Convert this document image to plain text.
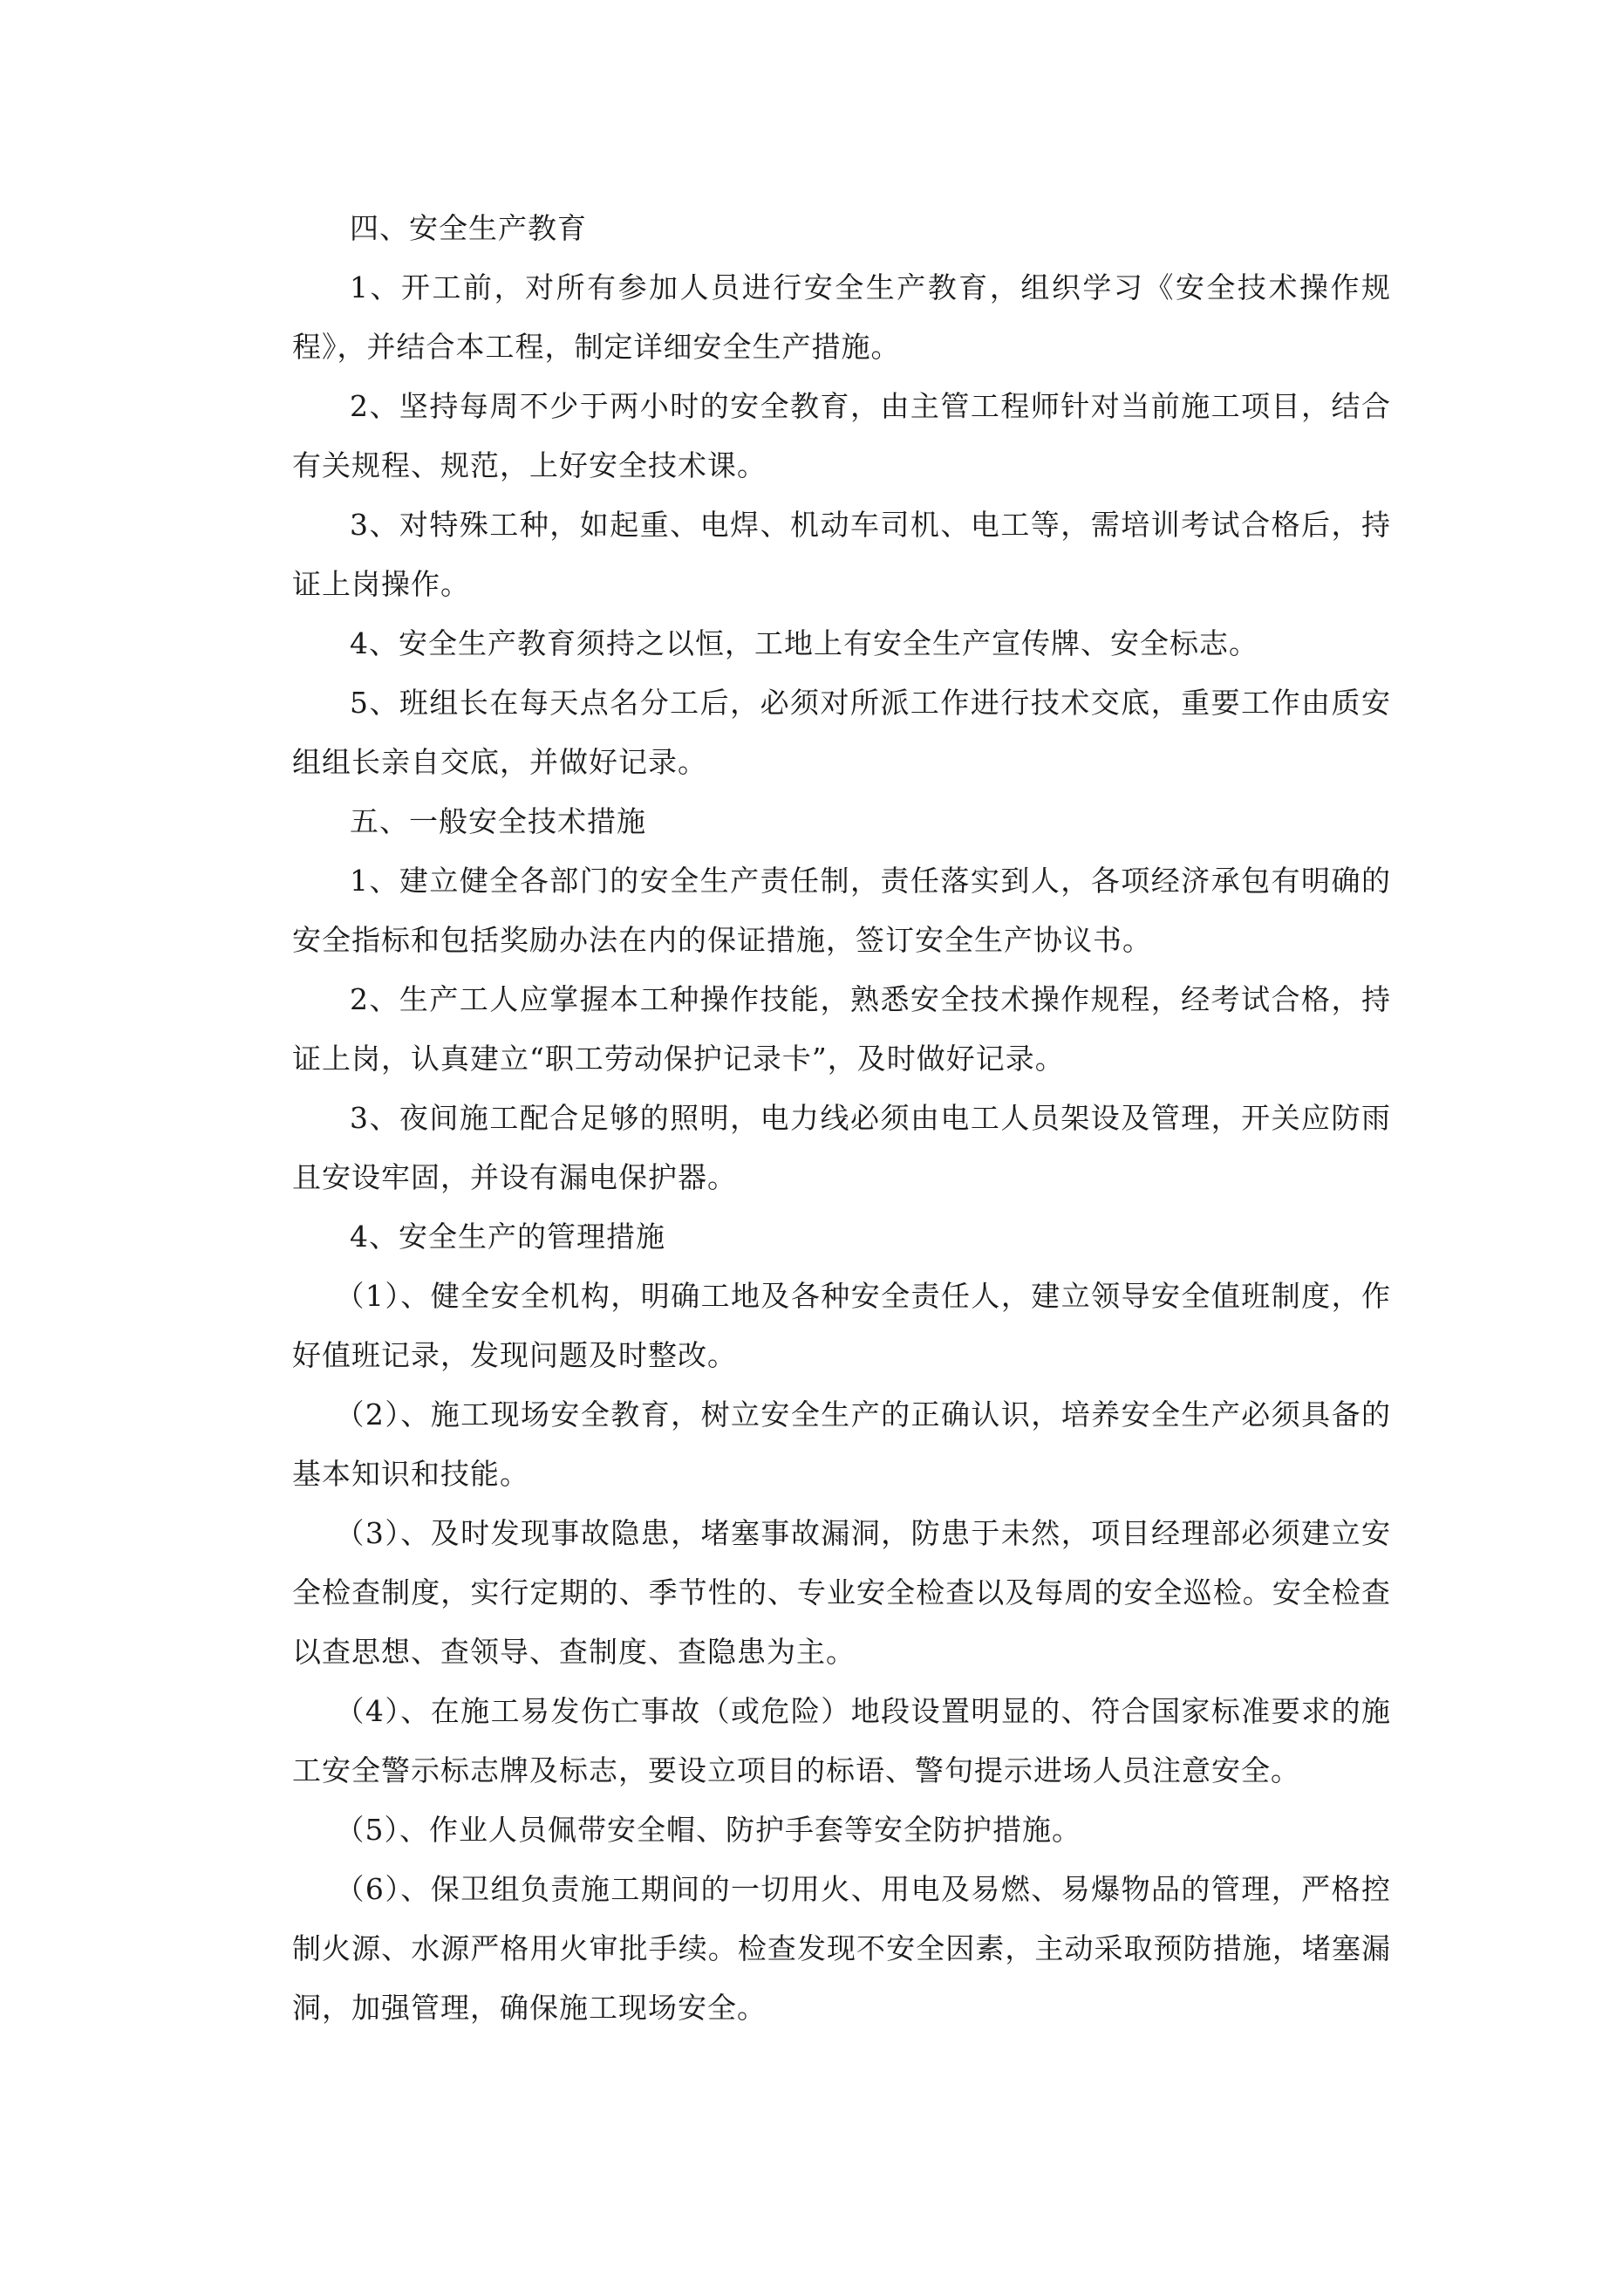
四、安全生产教育

1、开工前，对所有参加人员进行安全生产教育，组织学习《安全技术操作规程》，并结合本工程，制定详细安全生产措施。

2、坚持每周不少于两小时的安全教育，由主管工程师针对当前施工项目，结合有关规程、规范，上好安全技术课。

3、对特殊工种，如起重、电焊、机动车司机、电工等，需培训考试合格后，持证上岗操作。

4、安全生产教育须持之以恒，工地上有安全生产宣传牌、安全标志。

5、班组长在每天点名分工后，必须对所派工作进行技术交底，重要工作由质安组组长亲自交底，并做好记录。

五、一般安全技术措施

1、建立健全各部门的安全生产责任制，责任落实到人，各项经济承包有明确的安全指标和包括奖励办法在内的保证措施，签订安全生产协议书。

2、生产工人应掌握本工种操作技能，熟悉安全技术操作规程，经考试合格，持证上岗，认真建立“职工劳动保护记录卡”，及时做好记录。

3、夜间施工配合足够的照明，电力线必须由电工人员架设及管理，开关应防雨且安设牢固，并设有漏电保护器。

4、安全生产的管理措施

（1）、健全安全机构，明确工地及各种安全责任人，建立领导安全值班制度，作好值班记录，发现问题及时整改。

（2）、施工现场安全教育，树立安全生产的正确认识，培养安全生产必须具备的基本知识和技能。

（3）、及时发现事故隐患，堵塞事故漏洞，防患于未然，项目经理部必须建立安全检查制度，实行定期的、季节性的、专业安全检查以及每周的安全巡检。安全检查以查思想、查领导、查制度、查隐患为主。

（4）、在施工易发伤亡事故（或危险）地段设置明显的、符合国家标准要求的施工安全警示标志牌及标志，要设立项目的标语、警句提示进场人员注意安全。

（5）、作业人员佩带安全帽、防护手套等安全防护措施。

（6）、保卫组负责施工期间的一切用火、用电及易燃、易爆物品的管理，严格控制火源、水源严格用火审批手续。检查发现不安全因素，主动采取预防措施，堵塞漏洞，加强管理，确保施工现场安全。
